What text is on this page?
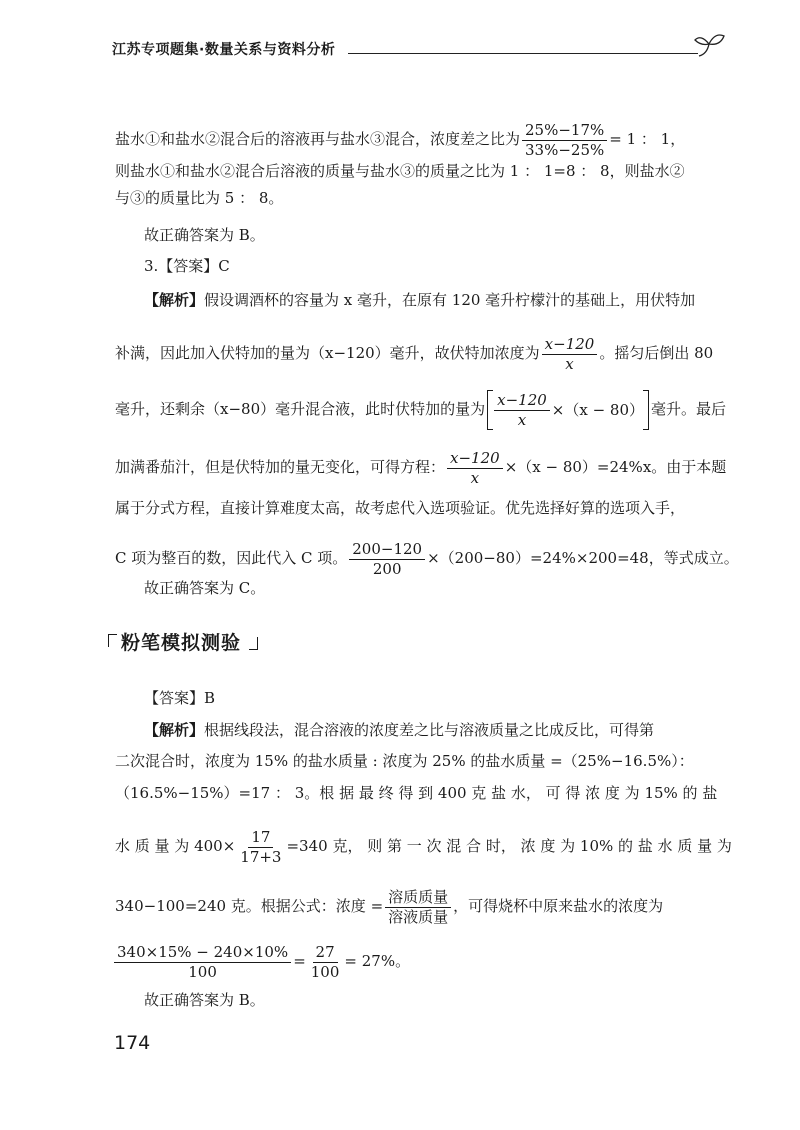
江苏专项题集·数量关系与资料分析
盐水①和盐水②混合后的溶液再与盐水③混合，浓度差之比为 $\frac{25\%-17\%}{33\%-25\%} = 1$ ： 1，
则盐水①和盐水②混合后溶液的质量与盐水③的质量之比为 1 ： 1=8 ： 8，则盐水②
与③的质量比为 5 ： 8。
故正确答案为 B。
3.【答案】C
【解析】假设调酒杯的容量为 x 毫升，在原有 120 毫升柠檬汁的基础上，用伏特加
补满，因此加入伏特加的量为（x−120）毫升，故伏特加浓度为 $\frac{x-120}{x}$ 。摇匀后倒出 80
毫升，还剩余（x−80）毫升混合液，此时伏特加的量为 $\frac{x-120}{x} \times(x - 80)$ 毫升。最后
加满番茄汁，但是伏特加的量无变化，可得方程： $\frac{x-120}{x} \times(x - 80)=24\%x$。由于本题
属于分式方程，直接计算难度太高，故考虑代入选项验证。优先选择好算的选项入手，
C 项为整百的数，因此代入 C 项。 $\frac{200-120}{200} \times(200-80)=24\%\times 200=48$，等式成立。
故正确答案为 C。
粉笔模拟测验
【答案】B
【解析】根据线段法，混合溶液的浓度差之比与溶液质量之比成反比，可得第
二次混合时，浓度为 15% 的盐水质量 : 浓度为 25% 的盐水质量 =（25%−16.5%）：
（16.5%−15%）=17 ： 3。根 据 最 终 得 到 400 克 盐 水， 可 得 浓 度 为 15% 的 盐
水 质 量 为 $400\times \frac{17}{17+3} =340$ 克， 则 第 一 次 混 合 时， 浓 度 为 10% 的 盐 水 质 量 为
340−100=240 克。根据公式：浓度 = $\frac{\text{溶质质量}}{\text{溶液质量}}$ ，可得烧杯中原来盐水的浓度为
$\frac{340\times 15\% - 240\times 10\%}{100} = \frac{27}{100} = 27\%$。
故正确答案为 B。
174
